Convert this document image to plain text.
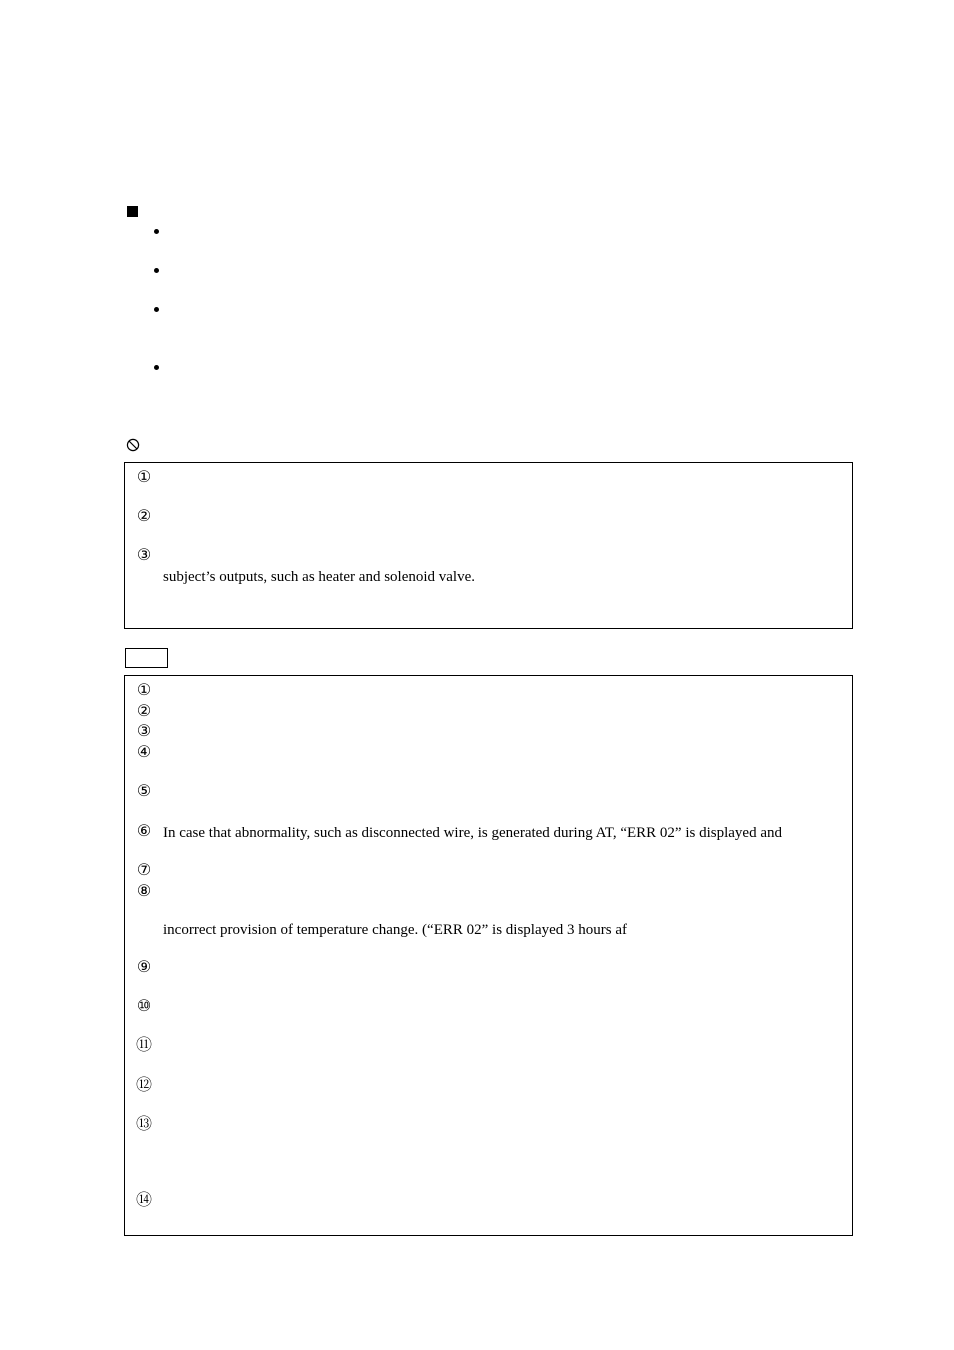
①
②
③
subject’s outputs, such as heater and solenoid valve.
①
②
③
④
⑤
⑥ In case that abnormality, such as disconnected wire, is generated during AT, “ERR 02” is displayed and
⑦
⑧
incorrect provision of temperature change. (“ERR 02” is displayed 3 hours af
⑨
⑩
⑪
⑫
⑬
⑭
